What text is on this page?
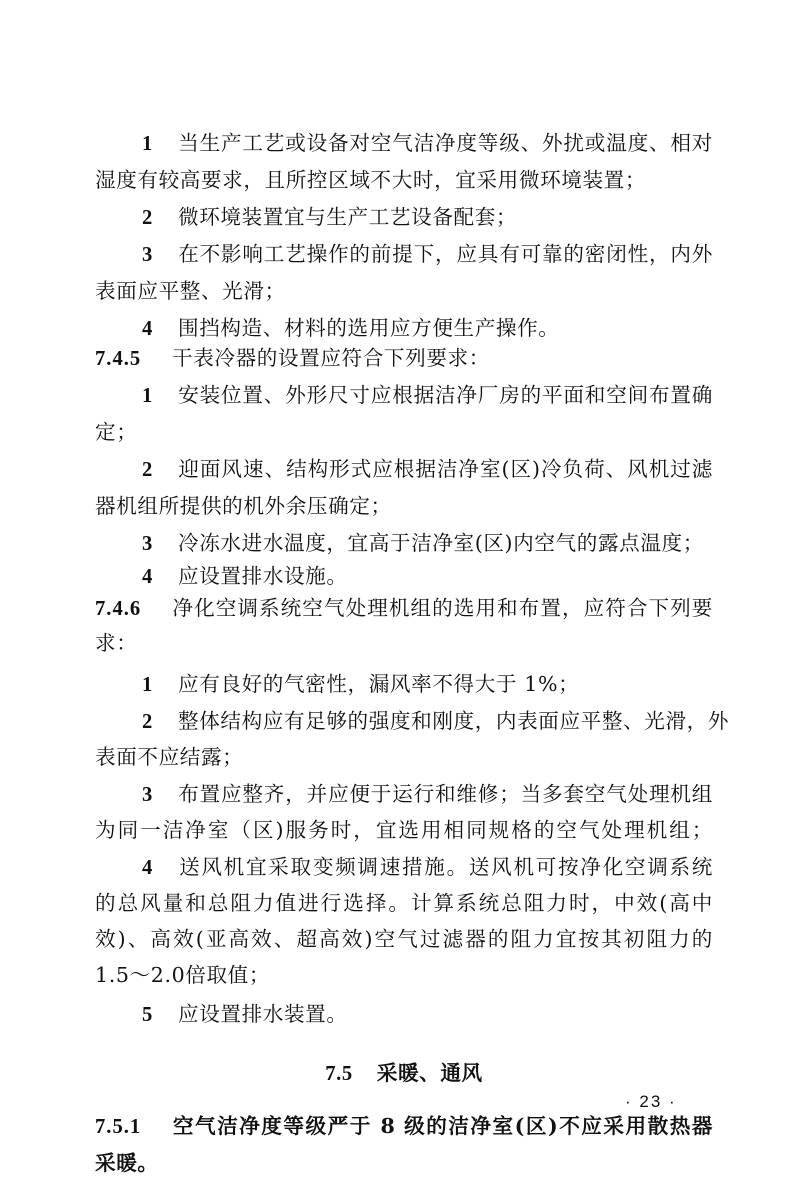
1 当生产工艺或设备对空气洁净度等级、外扰或温度、相对
湿度有较高要求，且所控区域不大时，宜采用微环境装置；
2 微环境装置宜与生产工艺设备配套；
3 在不影响工艺操作的前提下，应具有可靠的密闭性，内外
表面应平整、光滑；
4 围挡构造、材料的选用应方便生产操作。
7.4.5 干表冷器的设置应符合下列要求：
1 安装位置、外形尺寸应根据洁净厂房的平面和空间布置确
定；
2 迎面风速、结构形式应根据洁净室(区)冷负荷、风机过滤
器机组所提供的机外余压确定；
3 冷冻水进水温度，宜高于洁净室(区)内空气的露点温度；
4 应设置排水设施。
7.4.6 净化空调系统空气处理机组的选用和布置，应符合下列要
求：
1 应有良好的气密性，漏风率不得大于 1%；
2 整体结构应有足够的强度和刚度，内表面应平整、光滑，外
表面不应结露；
3 布置应整齐，并应便于运行和维修；当多套空气处理机组
为同一洁净室（区)服务时，宜选用相同规格的空气处理机组；
4 送风机宜采取变频调速措施。送风机可按净化空调系统
的总风量和总阻力值进行选择。计算系统总阻力时，中效(高中
效)、高效(亚高效、超高效)空气过滤器的阻力宜按其初阻力的
1.5～2.0倍取值；
5 应设置排水装置。
7.5 采暖、通风
7.5.1 空气洁净度等级严于 8 级的洁净室(区)不应采用散热器
采暖。
· 23 ·
